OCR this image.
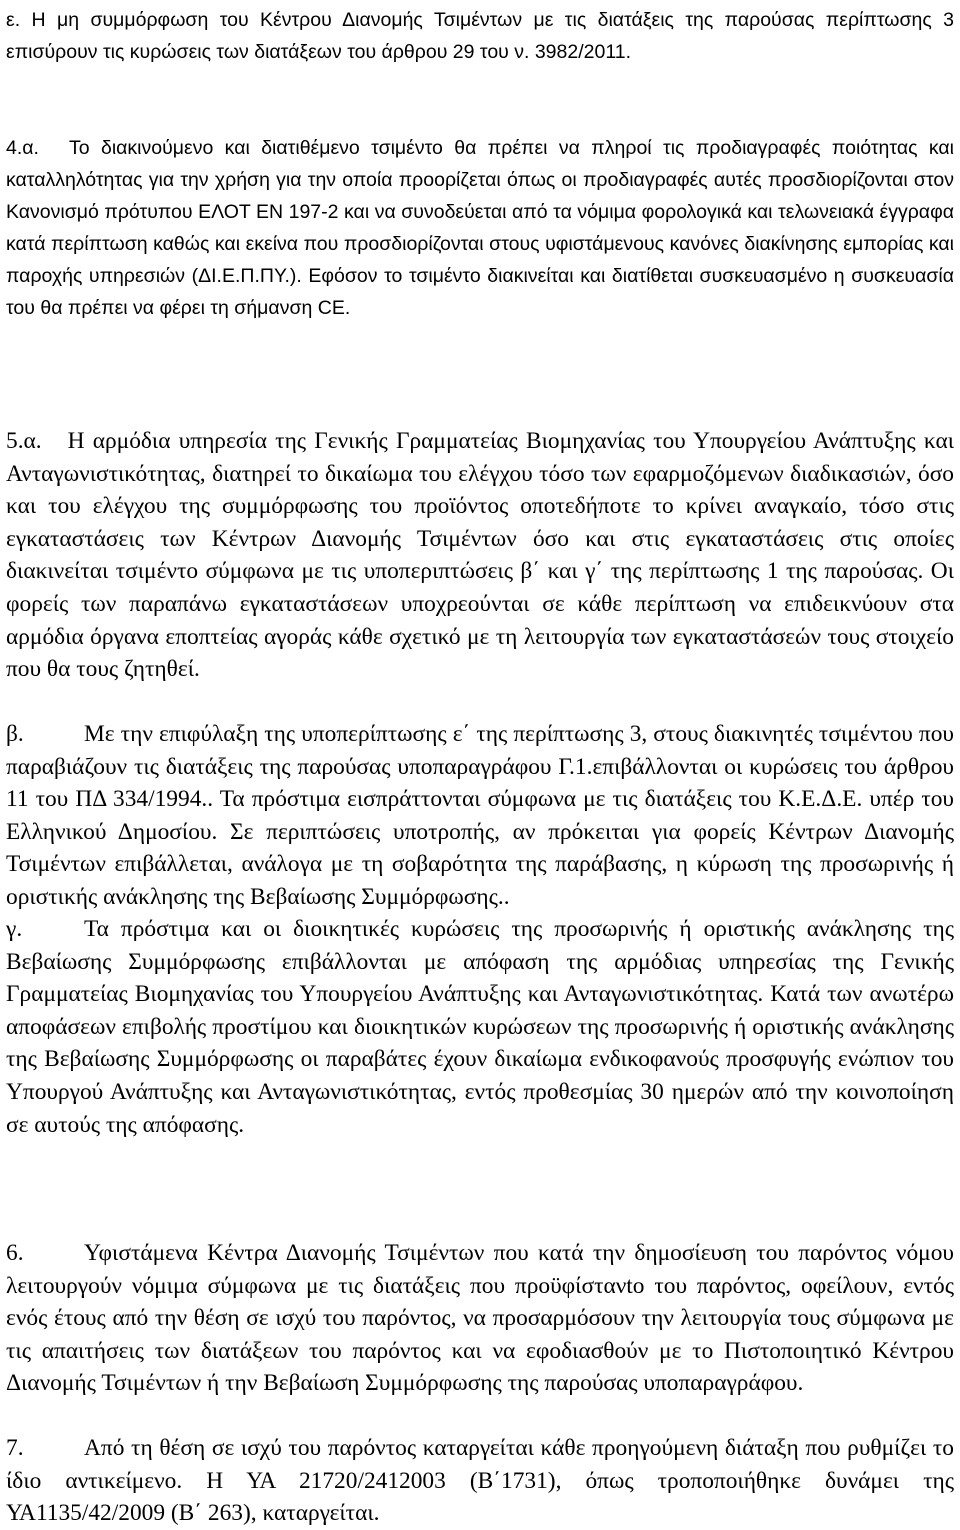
ε. Η μη συμμόρφωση του Κέντρου Διανομής Τσιμέντων με τις διατάξεις της παρούσας περίπτωσης 3 επισύρουν τις κυρώσεις των διατάξεων του άρθρου 29 του ν. 3982/2011.

4.α. Το διακινούμενο και διατιθέμενο τσιμέντο θα πρέπει να πληροί τις προδιαγραφές ποιότητας και καταλληλότητας για την χρήση για την οποία προορίζεται όπως οι προδιαγραφές αυτές προσδιορίζονται στον Κανονισμό πρότυπου ΕΛΟΤ ΕΝ 197-2 και να συνοδεύεται από τα νόμιμα φορολογικά και τελωνειακά έγγραφα κατά περίπτωση καθώς και εκείνα που προσδιορίζονται στους υφιστάμενους κανόνες διακίνησης εμπορίας και παροχής υπηρεσιών (ΔΙ.Ε.Π.ΠΥ.). Εφόσον το τσιμέντο διακινείται και διατίθεται συσκευασμένο η συσκευασία του θα πρέπει να φέρει τη σήμανση CE.

5.α. Η αρμόδια υπηρεσία της Γενικής Γραμματείας Βιομηχανίας του Υπουργείου Ανάπτυξης και Ανταγωνιστικότητας, διατηρεί το δικαίωμα του ελέγχου τόσο των εφαρμοζόμενων διαδικασιών, όσο και του ελέγχου της συμμόρφωσης του προϊόντος οποτεδήποτε το κρίνει αναγκαίο, τόσο στις εγκαταστάσεις των Κέντρων Διανομής Τσιμέντων όσο και στις εγκαταστάσεις στις οποίες διακινείται τσιμέντο σύμφωνα με τις υποπεριπτώσεις β΄ και γ΄ της περίπτωσης 1 της παρούσας. Οι φορείς των παραπάνω εγκαταστάσεων υποχρεούνται σε κάθε περίπτωση να επιδεικνύουν στα αρμόδια όργανα εποπτείας αγοράς κάθε σχετικό με τη λειτουργία των εγκαταστάσεών τους στοιχείο που θα τους ζητηθεί.

β.	Με την επιφύλαξη της υποπερίπτωσης ε΄ της περίπτωσης 3, στους διακινητές τσιμέντου που παραβιάζουν τις διατάξεις της παρούσας υποπαραγράφου Γ.1.επιβάλλονται οι κυρώσεις του άρθρου 11 του ΠΔ 334/1994.. Τα πρόστιμα εισπράττονται σύμφωνα με τις διατάξεις του Κ.Ε.Δ.Ε. υπέρ του Ελληνικού Δημοσίου. Σε περιπτώσεις υποτροπής, αν πρόκειται για φορείς Κέντρων Διανομής Τσιμέντων επιβάλλεται, ανάλογα με τη σοβαρότητα της παράβασης, η κύρωση της προσωρινής ή οριστικής ανάκλησης της Βεβαίωσης Συμμόρφωσης..

γ.	Τα πρόστιμα και οι διοικητικές κυρώσεις της προσωρινής ή οριστικής ανάκλησης της Βεβαίωσης Συμμόρφωσης επιβάλλονται με απόφαση της αρμόδιας υπηρεσίας της Γενικής Γραμματείας Βιομηχανίας του Υπουργείου Ανάπτυξης και Ανταγωνιστικότητας. Κατά των ανωτέρω αποφάσεων επιβολής προστίμου και διοικητικών κυρώσεων της προσωρινής ή οριστικής ανάκλησης της Βεβαίωσης Συμμόρφωσης οι παραβάτες έχουν δικαίωμα ενδικοφανούς προσφυγής ενώπιον του Υπουργού Ανάπτυξης και Ανταγωνιστικότητας, εντός προθεσμίας 30 ημερών από την κοινοποίηση σε αυτούς της απόφασης.

6.	Υφιστάμενα Κέντρα Διανομής Τσιμέντων που κατά την δημοσίευση του παρόντος νόμου λειτουργούν νόμιμα σύμφωνα με τις διατάξεις που προϋφίστανto του παρόντος, οφείλουν, εντός ενός έτους από την θέση σε ισχύ του παρόντος, να προσαρμόσουν την λειτουργία τους σύμφωνα με τις απαιτήσεις των διατάξεων του παρόντος και να εφοδιασθούν με το Πιστοποιητικό Κέντρου Διανομής Τσιμέντων ή την Βεβαίωση Συμμόρφωσης της παρούσας υποπαραγράφου.

7.	Από τη θέση σε ισχύ του παρόντος καταργείται κάθε προηγούμενη διάταξη που ρυθμίζει το ίδιο αντικείμενο. Η ΥΑ 21720/2412003 (Β΄1731), όπως τροποποιήθηκε δυνάμει της ΥΑ1135/42/2009 (Β΄ 263), καταργείται.
